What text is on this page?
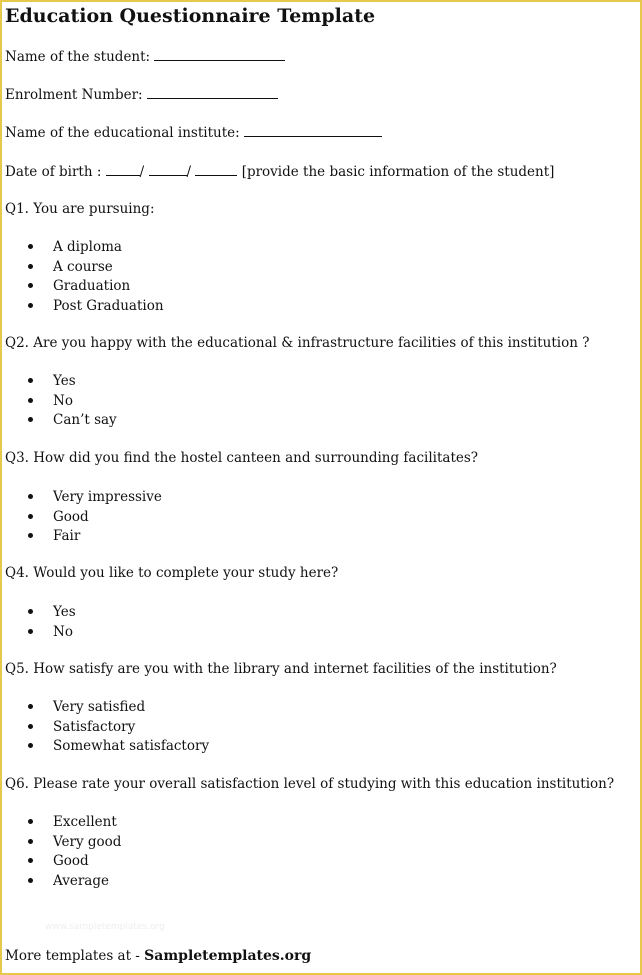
Education Questionnaire Template
Name of the student:
Enrolment Number:
Name of the educational institute:
Date of birth :	/	/	[provide the basic information of the student]
Q1. You are pursuing:
A diploma
A course
Graduation
Post Graduation
Q2. Are you happy with the educational & infrastructure facilities of this institution ?
Yes
No
Can’t say
Q3. How did you find the hostel canteen and surrounding facilitates?
Very impressive
Good
Fair
Q4. Would you like to complete your study here?
Yes
No
Q5. How satisfy are you with the library and internet facilities of the institution?
Very satisfied
Satisfactory
Somewhat satisfactory
Q6. Please rate your overall satisfaction level of studying with this education institution?
Excellent
Very good
Good
Average
www.sampletemplates.org
More templates at - Sampletemplates.org
